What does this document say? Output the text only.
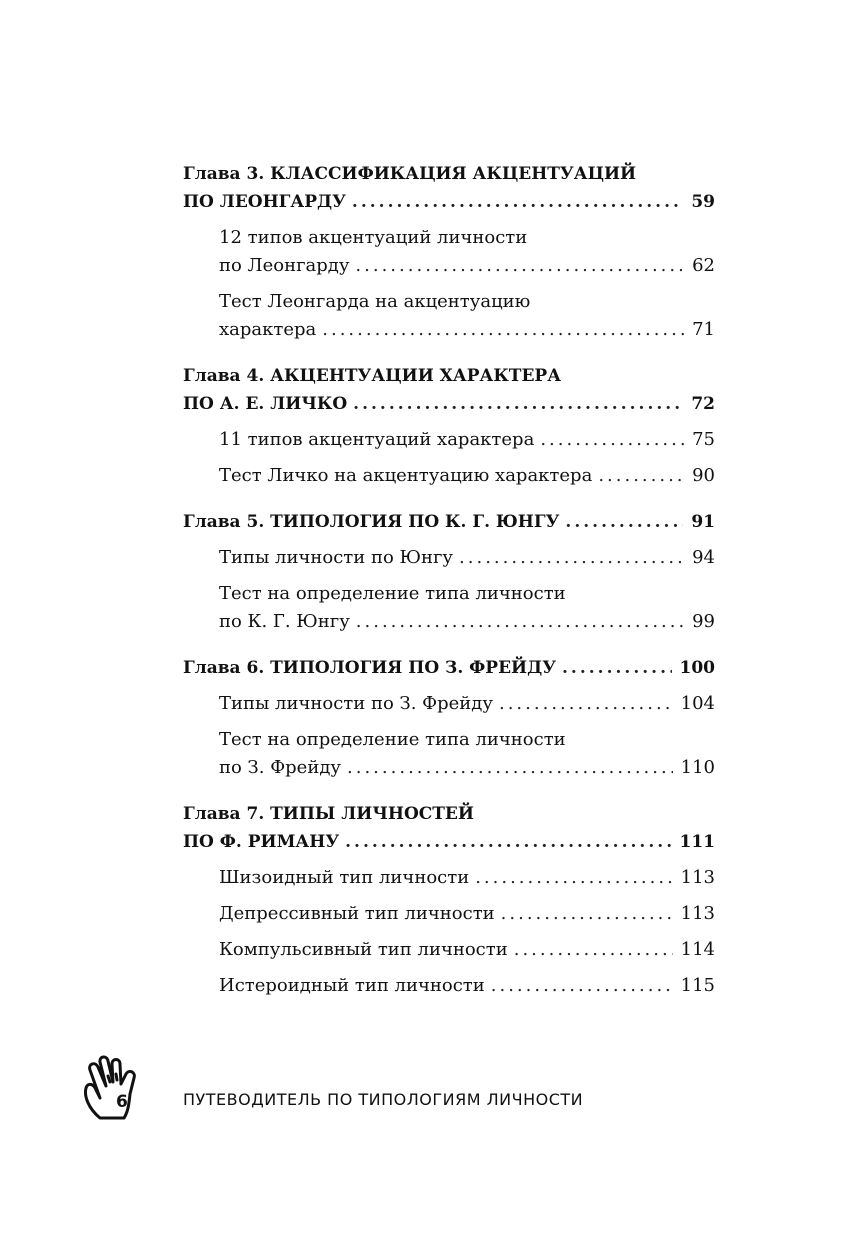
Глава 3. КЛАССИФИКАЦИЯ АКЦЕНТУАЦИЙ
ПО ЛЕОНГАРДУ .....	59
12 типов акцентуаций личности
по Леонгарду .....	62
Тест Леонгарда на акцентуацию
характера .....	71
Глава 4. АКЦЕНТУАЦИИ ХАРАКТЕРА
ПО А. Е. ЛИЧКО .....	72
11 типов акцентуаций характера .....	75
Тест Личко на акцентуацию характера .....	90
Глава 5. ТИПОЛОГИЯ ПО К. Г. ЮНГУ .....	91
Типы личности по Юнгу .....	94
Тест на определение типа личности
по К. Г. Юнгу .....	99
Глава 6. ТИПОЛОГИЯ ПО З. ФРЕЙДУ .....	100
Типы личности по З. Фрейду .....	104
Тест на определение типа личности
по З. Фрейду .....	110
Глава 7. ТИПЫ ЛИЧНОСТЕЙ
ПО Ф. РИМАНУ .....	111
Шизоидный тип личности .....	113
Депрессивный тип личности .....	113
Компульсивный тип личности .....	114
Истероидный тип личности .....	115
6	ПУТЕВОДИТЕЛЬ ПО ТИПОЛОГИЯМ ЛИЧНОСТИ
